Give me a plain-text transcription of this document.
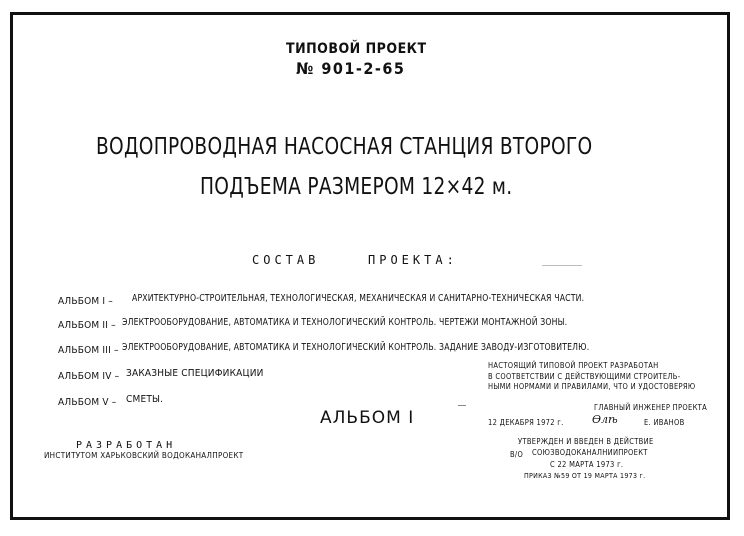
ТИПОВОЙ ПРОЕКТ
№ 901-2-65
ВОДОПРОВОДНАЯ НАСОСНАЯ СТАНЦИЯ ВТОРОГО
ПОДЪЕМА РАЗМЕРОМ 12×42 м.
СОСТАВ	ПРОЕКТА:
АЛЬБОМ I – АРХИТЕКТУРНО-СТРОИТЕЛЬНАЯ, ТЕХНОЛОГИЧЕСКАЯ, МЕХАНИЧЕСКАЯ И САНИТАРНО-ТЕХНИЧЕСКАЯ ЧАСТИ.
АЛЬБОМ II – ЭЛЕКТРООБОРУДОВАНИЕ, АВТОМАТИКА И ТЕХНОЛОГИЧЕСКИЙ КОНТРОЛЬ. ЧЕРТЕЖИ МОНТАЖНОЙ ЗОНЫ.
АЛЬБОМ III – ЭЛЕКТРООБОРУДОВАНИЕ, АВТОМАТИКА И ТЕХНОЛОГИЧЕСКИЙ КОНТРОЛЬ. ЗАДАНИЕ ЗАВОДУ-ИЗГОТОВИТЕЛЮ.
АЛЬБОМ IV – ЗАКАЗНЫЕ СПЕЦИФИКАЦИИ
АЛЬБОМ V – СМЕТЫ.
АЛЬБОМ I
НАСТОЯЩИЙ ТИПОВОЙ ПРОЕКТ РАЗРАБОТАН
В СООТВЕТСТВИИ С ДЕЙСТВУЮЩИМИ СТРОИТЕЛЬ-
НЫМИ НОРМАМИ И ПРАВИЛАМИ, ЧТО И УДОСТОВЕРЯЮ
ГЛАВНЫЙ ИНЖЕНЕР ПРОЕКТА
12 ДЕКАБРЯ 1972 г.	Ѳлѣ	Е. ИВАНОВ
УТВЕРЖДЕН И ВВЕДЕН В ДЕЙСТВИЕ
В/О СОЮЗВОДОКАНАЛНИИПРОЕКТ
С 22 МАРТА 1973 г.
ПРИКАЗ №59 ОТ 19 МАРТА 1973 г.
РАЗРАБОТАН
ИНСТИТУТОМ ХАРЬКОВСКИЙ ВОДОКАНАЛПРОЕКТ
